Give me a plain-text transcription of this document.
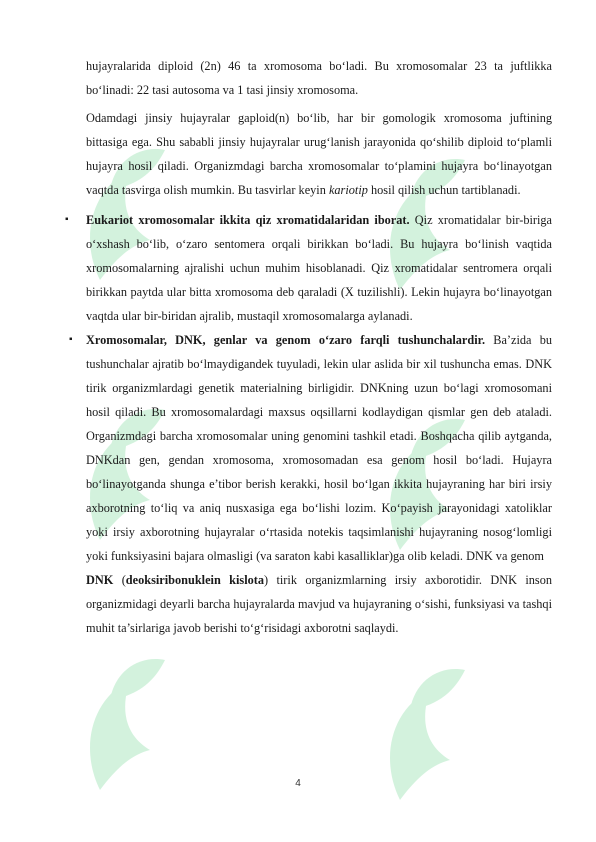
hujayralarida diploid (2n) 46 ta xromosoma bo‘ladi. Bu xromosomalar 23 ta juftlikka bo‘linadi: 22 tasi autosoma va 1 tasi jinsiy xromosoma.

Odamdagi jinsiy hujayralar gaploid(n) bo‘lib, har bir gomologik xromosoma juftining bittasiga ega. Shu sababli jinsiy hujayralar urug‘lanish jarayonida qo‘shilib diploid to‘plamli hujayra hosil qiladi. Organizmdagi barcha xromosomalar to‘plamini hujayra bo‘linayotgan vaqtda tasvirga olish mumkin. Bu tasvirlar keyin kariotip hosil qilish uchun tartiblanadi.

▪ Eukariot xromosomalar ikkita qiz xromatidalaridan iborat. Qiz xromatidalar bir-biriga o‘xshash bo‘lib, o‘zaro sentomera orqali birikkan bo‘ladi. Bu hujayra bo‘linish vaqtida xromosomalarning ajralishi uchun muhim hisoblanadi. Qiz xromatidalar sentromera orqali birikkan paytda ular bitta xromosoma deb qaraladi (X tuzilishli). Lekin hujayra bo‘linayotgan vaqtda ular bir-biridan ajralib, mustaqil xromosomalarga aylanadi.

▪ Xromosomalar, DNK, genlar va genom o‘zaro farqli tushunchalardir. Ba’zida bu tushunchalar ajratib bo‘lmaydigandek tuyuladi, lekin ular aslida bir xil tushuncha emas. DNK tirik organizmlardagi genetik materialning birligidir. DNKning uzun bo‘lagi xromosomani hosil qiladi. Bu xromosomalardagi maxsus oqsillarni kodlaydigan qismlar gen deb ataladi. Organizmdagi barcha xromosomalar uning genomini tashkil etadi. Boshqacha qilib aytganda, DNKdan gen, gendan xromosoma, xromosomadan esa genom hosil bo‘ladi. Hujayra bo‘linayotganda shunga e’tibor berish kerakki, hosil bo‘lgan ikkita hujayraning har biri irsiy axborotning to‘liq va aniq nusxasiga ega bo‘lishi lozim. Ko‘payish jarayonidagi xatoliklar yoki irsiy axborotning hujayralar o‘rtasida notekis taqsimlanishi hujayraning nosog‘lomligi yoki funksiyasini bajara olmasligi (va saraton kabi kasalliklar)ga olib keladi. DNK va genom

DNK (deoksiribonuklein kislota) tirik organizmlarning irsiy axborotidir. DNK inson organizmidagi deyarli barcha hujayralarda mavjud va hujayraning o‘sishi, funksiyasi va tashqi muhit ta’sirlariga javob berishi to‘g‘risidagi axborotni saqlaydi.

4
